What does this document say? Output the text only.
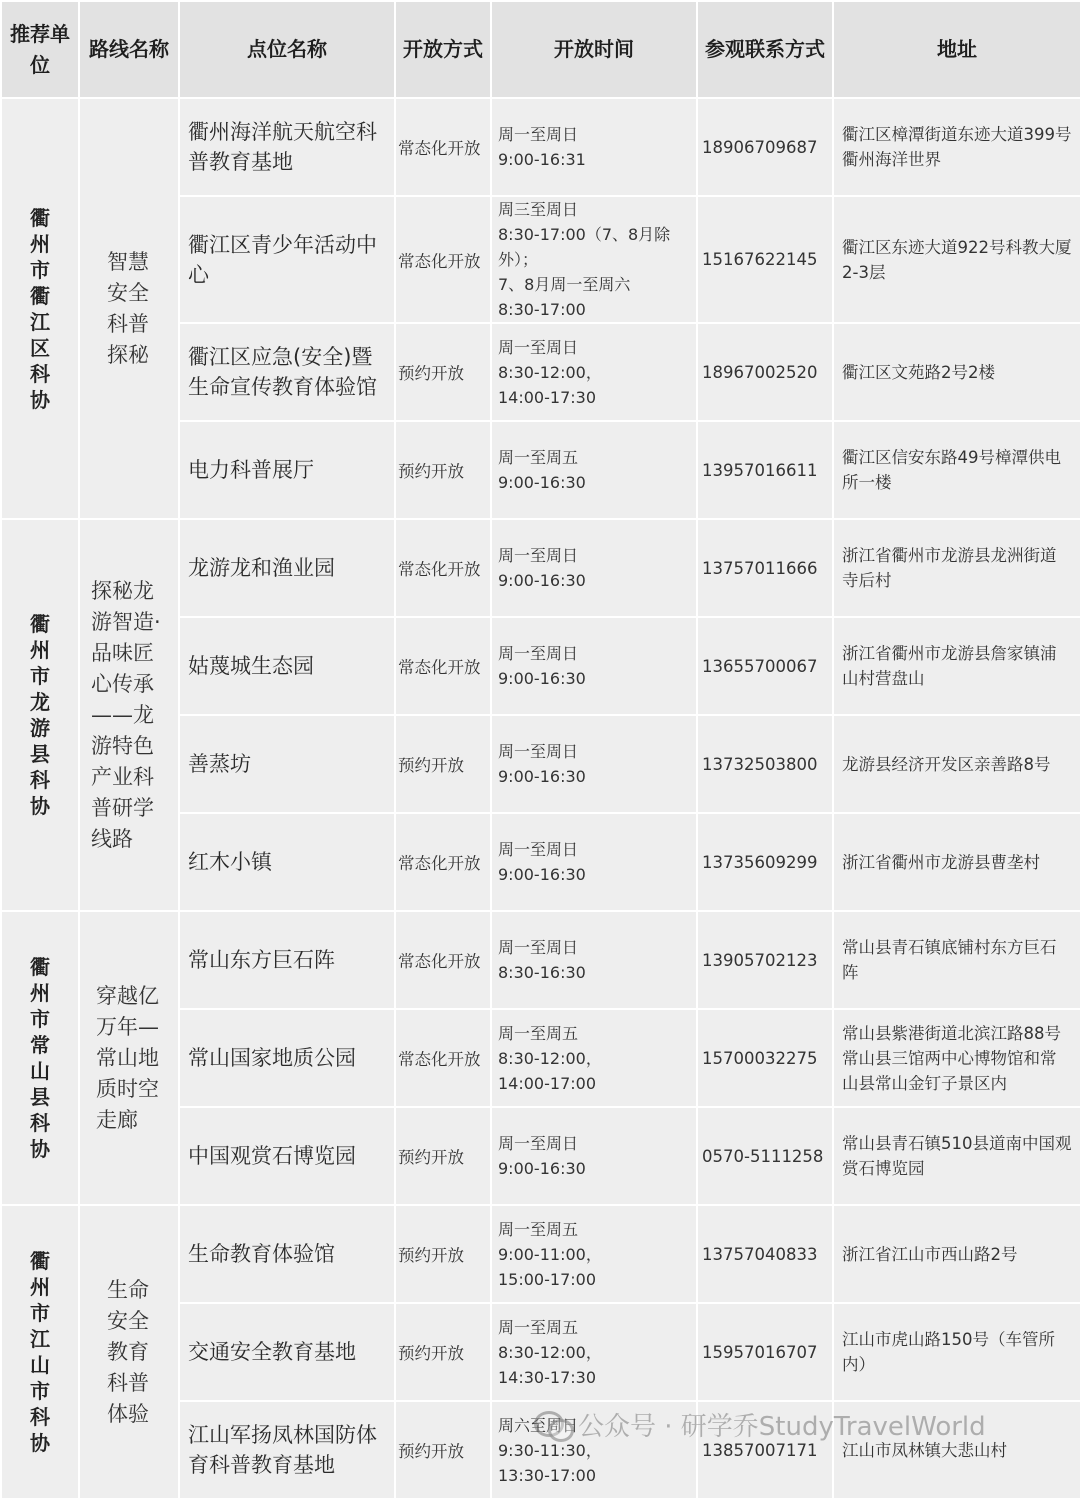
推荐单位	路线名称	点位名称	开放方式	开放时间	参观联系方式	地址
衢州市衢江区科协	智慧安全科普探秘	衢州海洋航天航空科普教育基地	常态化开放	周一至周日
9:00-16:31	18906709687	衢江区樟潭街道东迹大道399号衢州海洋世界
		衢江区青少年活动中心	常态化开放	周三至周日
8:30-17:00（7、8月除外）；
7、8月周一至周六
8:30-17:00	15167622145	衢江区东迹大道922号科教大厦2-3层
		衢江区应急(安全)暨生命宣传教育体验馆	预约开放	周一至周日
8:30-12:00，
14:00-17:30	18967002520	衢江区文苑路2号2楼
		电力科普展厅	预约开放	周一至周五
9:00-16:30	13957016611	衢江区信安东路49号樟潭供电所一楼
衢州市龙游县科协	探秘龙游智造·品味匠心传承——龙游特色产业科普研学线路	龙游龙和渔业园	常态化开放	周一至周日
9:00-16:30	13757011666	浙江省衢州市龙游县龙洲街道寺后村
		姑蔑城生态园	常态化开放	周一至周日
9:00-16:30	13655700067	浙江省衢州市龙游县詹家镇浦山村营盘山
		善蒸坊	预约开放	周一至周日
9:00-16:30	13732503800	龙游县经济开发区亲善路8号
		红木小镇	常态化开放	周一至周日
9:00-16:30	13735609299	浙江省衢州市龙游县曹垄村
衢州市常山县科协	穿越亿万年—常山地质时空走廊	常山东方巨石阵	常态化开放	周一至周日
8:30-16:30	13905702123	常山县青石镇底铺村东方巨石阵
		常山国家地质公园	常态化开放	周一至周五
8:30-12:00，
14:00-17:00	15700032275	常山县紫港街道北滨江路88号常山县三馆两中心博物馆和常山县常山金钉子景区内
		中国观赏石博览园	预约开放	周一至周日
9:00-16:30	0570-5111258	常山县青石镇510县道南中国观赏石博览园
衢州市江山市科协	生命安全教育科普体验	生命教育体验馆	预约开放	周一至周五
9:00-11:00，
15:00-17:00	13757040833	浙江省江山市西山路2号
		交通安全教育基地	预约开放	周一至周五
8:30-12:00，
14:30-17:30	15957016707	江山市虎山路150号（车管所内）
		江山军扬凤林国防体育科普教育基地	预约开放	周六至周日
9:30-11:30，
13:30-17:00	13857007171	江山市凤林镇大悲山村
公众号 · 研学乔StudyTravelWorld
